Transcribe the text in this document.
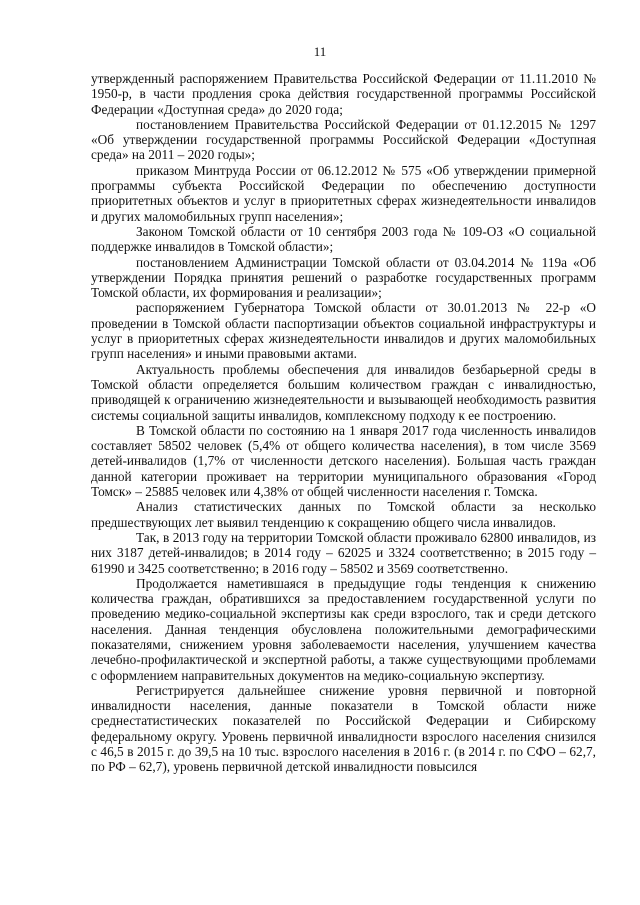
11

утвержденный распоряжением Правительства Российской Федерации от 11.11.2010 № 1950-р, в части продления срока действия государственной программы Российской Федерации «Доступная среда» до 2020 года;

постановлением Правительства Российской Федерации от 01.12.2015 № 1297 «Об утверждении государственной программы Российской Федерации «Доступная среда» на 2011 – 2020 годы»;

приказом Минтруда России от 06.12.2012 № 575 «Об утверждении примерной программы субъекта Российской Федерации по обеспечению доступности приоритетных объектов и услуг в приоритетных сферах жизнедеятельности инвалидов и других маломобильных групп населения»;

Законом Томской области от 10 сентября 2003 года № 109-ОЗ «О социальной поддержке инвалидов в Томской области»;

постановлением Администрации Томской области от 03.04.2014 № 119а «Об утверждении Порядка принятия решений о разработке государственных программ Томской области, их формирования и реализации»;

распоряжением Губернатора Томской области от 30.01.2013 № 22-р «О проведении в Томской области паспортизации объектов социальной инфраструктуры и услуг в приоритетных сферах жизнедеятельности инвалидов и других маломобильных групп населения» и иными правовыми актами.

Актуальность проблемы обеспечения для инвалидов безбарьерной среды в Томской области определяется большим количеством граждан с инвалидностью, приводящей к ограничению жизнедеятельности и вызывающей необходимость развития системы социальной защиты инвалидов, комплексному подходу к ее построению.

В Томской области по состоянию на 1 января 2017 года численность инвалидов составляет 58502 человек (5,4% от общего количества населения), в том числе 3569 детей-инвалидов (1,7% от численности детского населения). Большая часть граждан данной категории проживает на территории муниципального образования «Город Томск» – 25885 человек или 4,38% от общей численности населения г. Томска.

Анализ статистических данных по Томской области за несколько предшествующих лет выявил тенденцию к сокращению общего числа инвалидов.

Так, в 2013 году на территории Томской области проживало 62800 инвалидов, из них 3187 детей-инвалидов; в 2014 году – 62025 и 3324 соответственно; в 2015 году – 61990 и 3425 соответственно; в 2016 году – 58502 и 3569 соответственно.

Продолжается наметившаяся в предыдущие годы тенденция к снижению количества граждан, обратившихся за предоставлением государственной услуги по проведению медико-социальной экспертизы как среди взрослого, так и среди детского населения. Данная тенденция обусловлена положительными демографическими показателями, снижением уровня заболеваемости населения, улучшением качества лечебно-профилактической и экспертной работы, а также существующими проблемами с оформлением направительных документов на медико-социальную экспертизу.

Регистрируется дальнейшее снижение уровня первичной и повторной инвалидности населения, данные показатели в Томской области ниже среднестатистических показателей по Российской Федерации и Сибирскому федеральному округу. Уровень первичной инвалидности взрослого населения снизился с 46,5 в 2015 г. до 39,5 на 10 тыс. взрослого населения в 2016 г. (в 2014 г. по СФО – 62,7, по РФ – 62,7), уровень первичной детской инвалидности повысился
